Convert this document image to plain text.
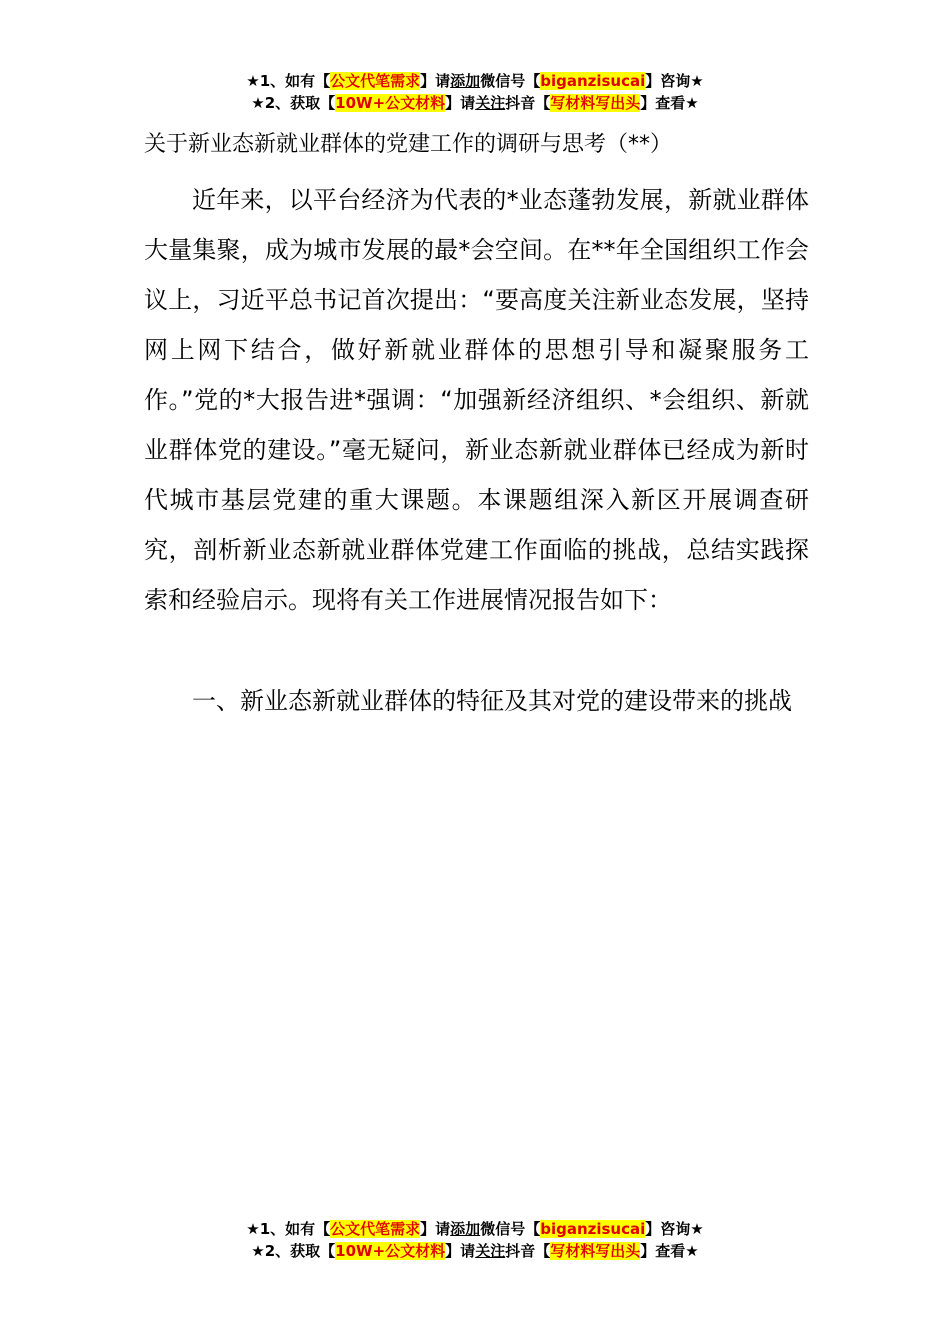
★1、如有【公文代笔需求】请添加微信号【biganzisucai】咨询★
★2、获取【10W+公文材料】请关注抖音【写材料写出头】查看★
关于新业态新就业群体的党建工作的调研与思考（**）

近年来，以平台经济为代表的*业态蓬勃发展，新就业群体大量集聚，成为城市发展的最*会空间。在**年全国组织工作会议上，习近平总书记首次提出：“要高度关注新业态发展，坚持网上网下结合，做好新就业群体的思想引导和凝聚服务工作。”党的*大报告进*强调：“加强新经济组织、*会组织、新就业群体党的建设。”毫无疑问，新业态新就业群体已经成为新时代城市基层党建的重大课题。本课题组深入新区开展调查研究，剖析新业态新就业群体党建工作面临的挑战，总结实践探索和经验启示。现将有关工作进展情况报告如下：

一、新业态新就业群体的特征及其对党的建设带来的挑战

★1、如有【公文代笔需求】请添加微信号【biganzisucai】咨询★
★2、获取【10W+公文材料】请关注抖音【写材料写出头】查看★
